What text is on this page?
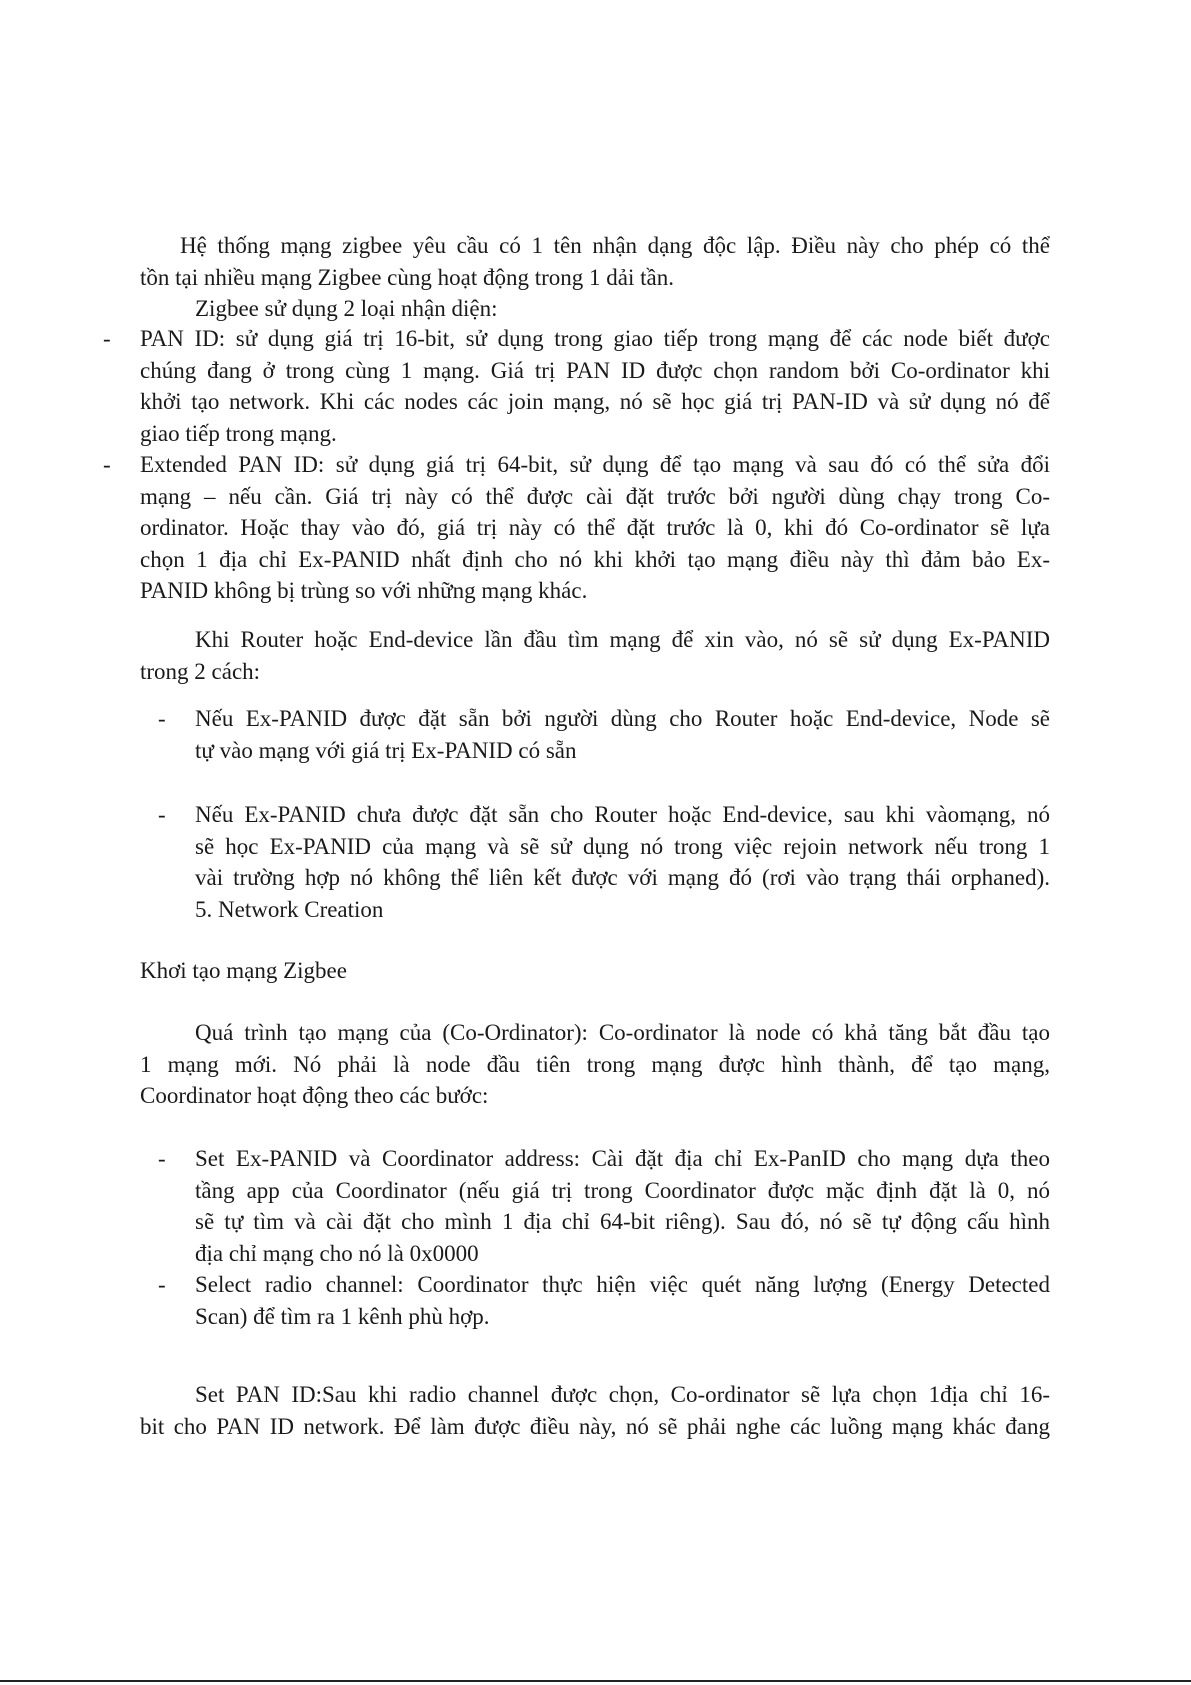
Hệ thống mạng zigbee yêu cầu có 1 tên nhận dạng độc lập. Điều này cho phép có thể
tồn tại nhiều mạng Zigbee cùng hoạt động trong 1 dải tần.
Zigbee sử dụng 2 loại nhận diện:
- PAN ID: sử dụng giá trị 16-bit, sử dụng trong giao tiếp trong mạng để các node biết được
chúng đang ở trong cùng 1 mạng. Giá trị PAN ID được chọn random bởi Co-ordinator khi
khởi tạo network. Khi các nodes các join mạng, nó sẽ học giá trị PAN-ID và sử dụng nó để
giao tiếp trong mạng.
- Extended PAN ID: sử dụng giá trị 64-bit, sử dụng để tạo mạng và sau đó có thể sửa đổi
mạng – nếu cần. Giá trị này có thể được cài đặt trước bởi người dùng chạy trong Co-
ordinator. Hoặc thay vào đó, giá trị này có thể đặt trước là 0, khi đó Co-ordinator sẽ lựa
chọn 1 địa chỉ Ex-PANID nhất định cho nó khi khởi tạo mạng điều này thì đảm bảo Ex-
PANID không bị trùng so với những mạng khác.
Khi Router hoặc End-device lần đầu tìm mạng để xin vào, nó sẽ sử dụng Ex-PANID
trong 2 cách:
- Nếu Ex-PANID được đặt sẵn bởi người dùng cho Router hoặc End-device, Node sẽ
tự vào mạng với giá trị Ex-PANID có sẵn
- Nếu Ex-PANID chưa được đặt sẵn cho Router hoặc End-device, sau khi vàomạng, nó
sẽ học Ex-PANID của mạng và sẽ sử dụng nó trong việc rejoin network nếu trong 1
vài trường hợp nó không thể liên kết được với mạng đó (rơi vào trạng thái orphaned).
5. Network Creation
Khơi tạo mạng Zigbee
Quá trình tạo mạng của (Co-Ordinator): Co-ordinator là node có khả tăng bắt đầu tạo
1 mạng mới. Nó phải là node đầu tiên trong mạng được hình thành, để tạo mạng,
Coordinator hoạt động theo các bước:
- Set Ex-PANID và Coordinator address: Cài đặt địa chỉ Ex-PanID cho mạng dựa theo
tầng app của Coordinator (nếu giá trị trong Coordinator được mặc định đặt là 0, nó
sẽ tự tìm và cài đặt cho mình 1 địa chỉ 64-bit riêng). Sau đó, nó sẽ tự động cấu hình
địa chỉ mạng cho nó là 0x0000
- Select radio channel: Coordinator thực hiện việc quét năng lượng (Energy Detected
Scan) để tìm ra 1 kênh phù hợp.
Set PAN ID:Sau khi radio channel được chọn, Co-ordinator sẽ lựa chọn 1địa chỉ 16-
bit cho PAN ID network. Để làm được điều này, nó sẽ phải nghe các luồng mạng khác đang
